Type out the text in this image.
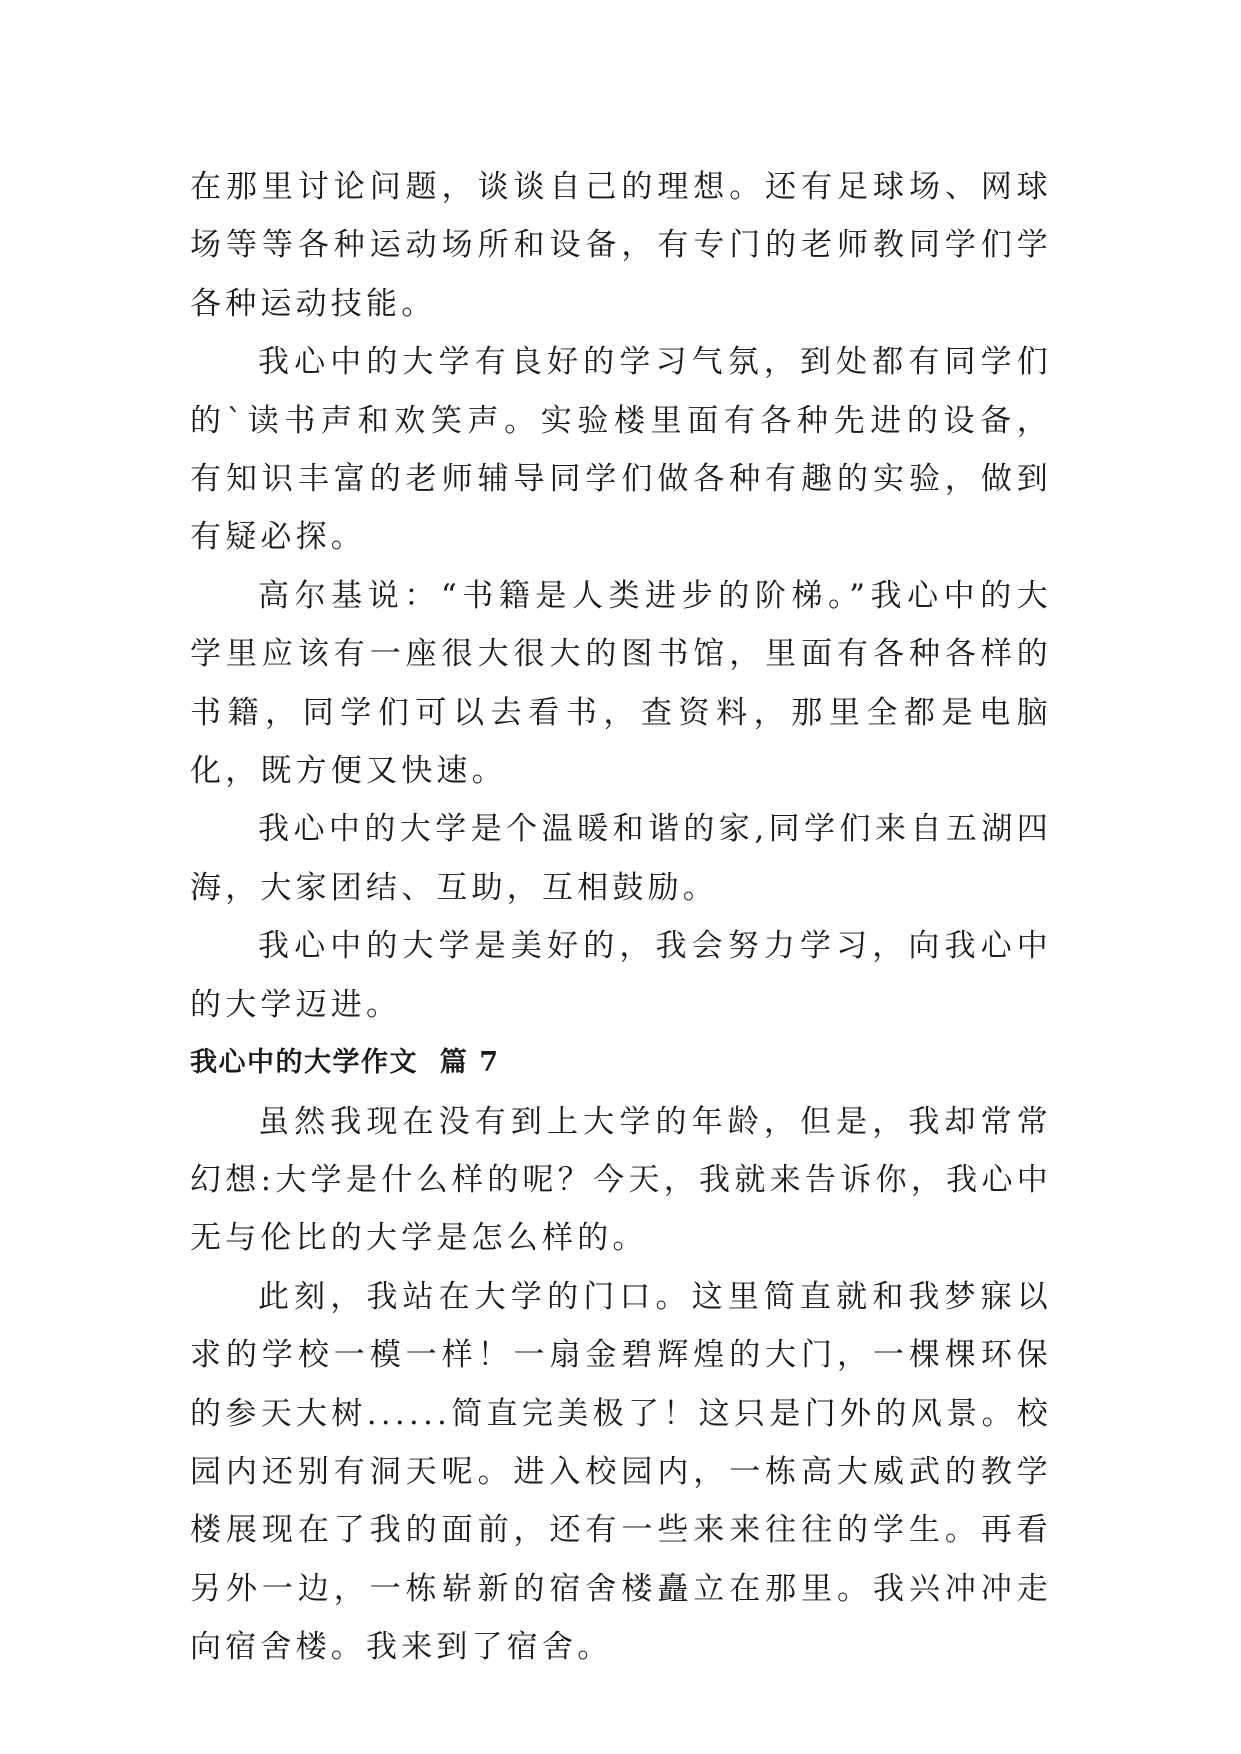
在那里讨论问题，谈谈自己的理想。还有足球场、网球场等等各种运动场所和设备，有专门的老师教同学们学各种运动技能。

我心中的大学有良好的学习气氛，到处都有同学们的`读书声和欢笑声。实验楼里面有各种先进的设备，有知识丰富的老师辅导同学们做各种有趣的实验，做到有疑必探。

高尔基说：“书籍是人类进步的阶梯。”我心中的大学里应该有一座很大很大的图书馆，里面有各种各样的书籍，同学们可以去看书，查资料，那里全都是电脑化，既方便又快速。

我心中的大学是个温暖和谐的家,同学们来自五湖四海，大家团结、互助，互相鼓励。

我心中的大学是美好的，我会努力学习，向我心中的大学迈进。

我心中的大学作文  篇 7

虽然我现在没有到上大学的年龄，但是，我却常常幻想:大学是什么样的呢？今天，我就来告诉你，我心中无与伦比的大学是怎么样的。

此刻，我站在大学的门口。这里简直就和我梦寐以求的学校一模一样！一扇金碧辉煌的大门，一棵棵环保的参天大树......简直完美极了！这只是门外的风景。校园内还别有洞天呢。进入校园内，一栋高大威武的教学楼展现在了我的面前，还有一些来来往往的学生。再看另外一边，一栋崭新的宿舍楼矗立在那里。我兴冲冲走向宿舍楼。我来到了宿舍。
